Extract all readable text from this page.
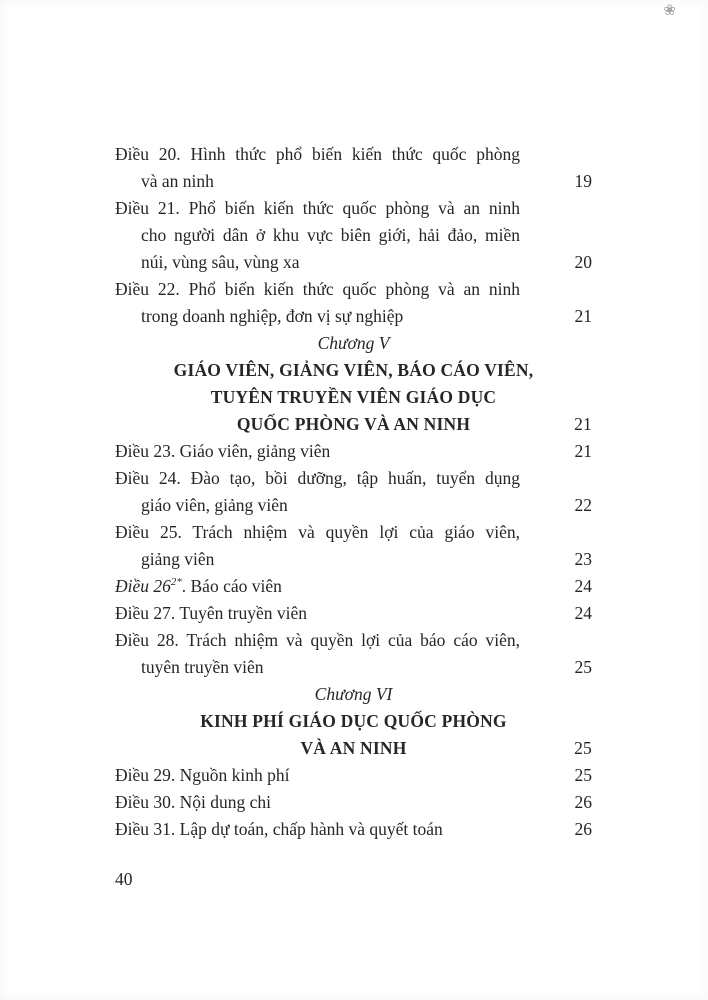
❀
Điều 20. Hình thức phổ biến kiến thức quốc phòng
và an ninh	19
Điều 21. Phổ biến kiến thức quốc phòng và an ninh
cho người dân ở khu vực biên giới, hải đảo, miền
núi, vùng sâu, vùng xa	20
Điều 22. Phổ biến kiến thức quốc phòng và an ninh
trong doanh nghiệp, đơn vị sự nghiệp	21
Chương V
GIÁO VIÊN, GIẢNG VIÊN, BÁO CÁO VIÊN,
TUYÊN TRUYỀN VIÊN GIÁO DỤC
QUỐC PHÒNG VÀ AN NINH	21
Điều 23. Giáo viên, giảng viên	21
Điều 24. Đào tạo, bồi dưỡng, tập huấn, tuyển dụng
giáo viên, giảng viên	22
Điều 25. Trách nhiệm và quyền lợi của giáo viên,
giảng viên	23
Điều $26^{2*}$. Báo cáo viên	24
Điều 27. Tuyên truyền viên	24
Điều 28. Trách nhiệm và quyền lợi của báo cáo viên,
tuyên truyền viên	25
Chương VI
KINH PHÍ GIÁO DỤC QUỐC PHÒNG
VÀ AN NINH	25
Điều 29. Nguồn kinh phí	25
Điều 30. Nội dung chi	26
Điều 31. Lập dự toán, chấp hành và quyết toán	26
40
